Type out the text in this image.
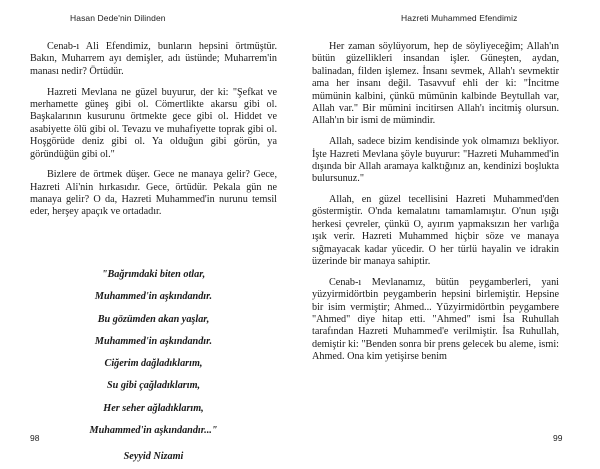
Hasan Dede'nin Dilinden

Cenab-ı Ali Efendimiz, bunların hepsini örtmüştür. Bakın, Muharrem ayı demişler, adı üstünde; Muharrem'in manası nedir? Örtüdür.

Hazreti Mevlana ne güzel buyurur, der ki: "Şefkat ve merhamette güneş gibi ol. Cömertlikte akarsu gibi ol. Başkalarının kusurunu örtmekte gece gibi ol. Hiddet ve asabiyette ölü gibi ol. Tevazu ve muhafiyette toprak gibi ol. Hoşgörüde deniz gibi ol. Ya olduğun gibi görün, ya göründüğün gibi ol."

Bizlere de örtmek düşer. Gece ne manaya gelir? Gece, Hazreti Ali'nin hırkasıdır. Gece, örtüdür. Pekala gün ne manaya gelir? O da, Hazreti Muhammed'in nurunu temsil eder, herşey apaçık ve ortadadır.

"Bağrımdaki biten otlar,
Muhammed'in aşkındandır.
Bu gözümden akan yaşlar,
Muhammed'in aşkındandır.
Ciğerim dağladıklarım,
Su gibi çağladıklarım,
Her seher ağladıklarım,
Muhammed'in aşkındandır..."
Seyyid Nizami
98
Hazreti Muhammed Efendimiz

Her zaman söylüyorum, hep de söyliyeceğim; Allah'ın bütün güzellikleri insandan işler. Güneşten, aydan, balinadan, filden işlemez. İnsanı sevmek, Allah'ı sevmektir ama her insanı değil. Tasavvuf ehli der ki: "İncitme mümünin kalbini, çünkü mümünin kalbinde Beytullah var, Allah var." Bir mümini incitirsen Allah'ı incitmiş olursun. Allah'ın bir ismi de mümindir.

Allah, sadece bizim kendisinde yok olmamızı bekliyor. İşte Hazreti Mevlana şöyle buyurur: "Hazreti Muhammed'in dışında bir Allah aramaya kalktığınız an, kendinizi boşlukta bulursunuz."

Allah, en güzel tecellisini Hazreti Muhammed'den göstermiştir. O'nda kemalatını tamamlamıştır. O'nun ışığı herkesi çevreler, çünkü O, ayırım yapmaksızın her varlığa ışık verir. Hazreti Muhammed hiçbir söze ve manaya sığmayacak kadar yücedir. O her türlü hayalin ve idrakin üzerinde bir manaya sahiptir.

Cenab-ı Mevlanamız, bütün peygamberleri, yani yüzyirmidörtbin peygamberin hepsini birlemiştir. Hepsine bir isim vermiştir; Ahmed... Yüzyirmidörtbin peygambere "Ahmed" diye hitap etti. "Ahmed" ismi İsa Ruhullah tarafından Hazreti Muhammed'e verilmiştir. İsa Ruhullah, demiştir ki: "Benden sonra bir prens gelecek bu aleme, ismi: Ahmed. Ona kim yetişirse benim

99
